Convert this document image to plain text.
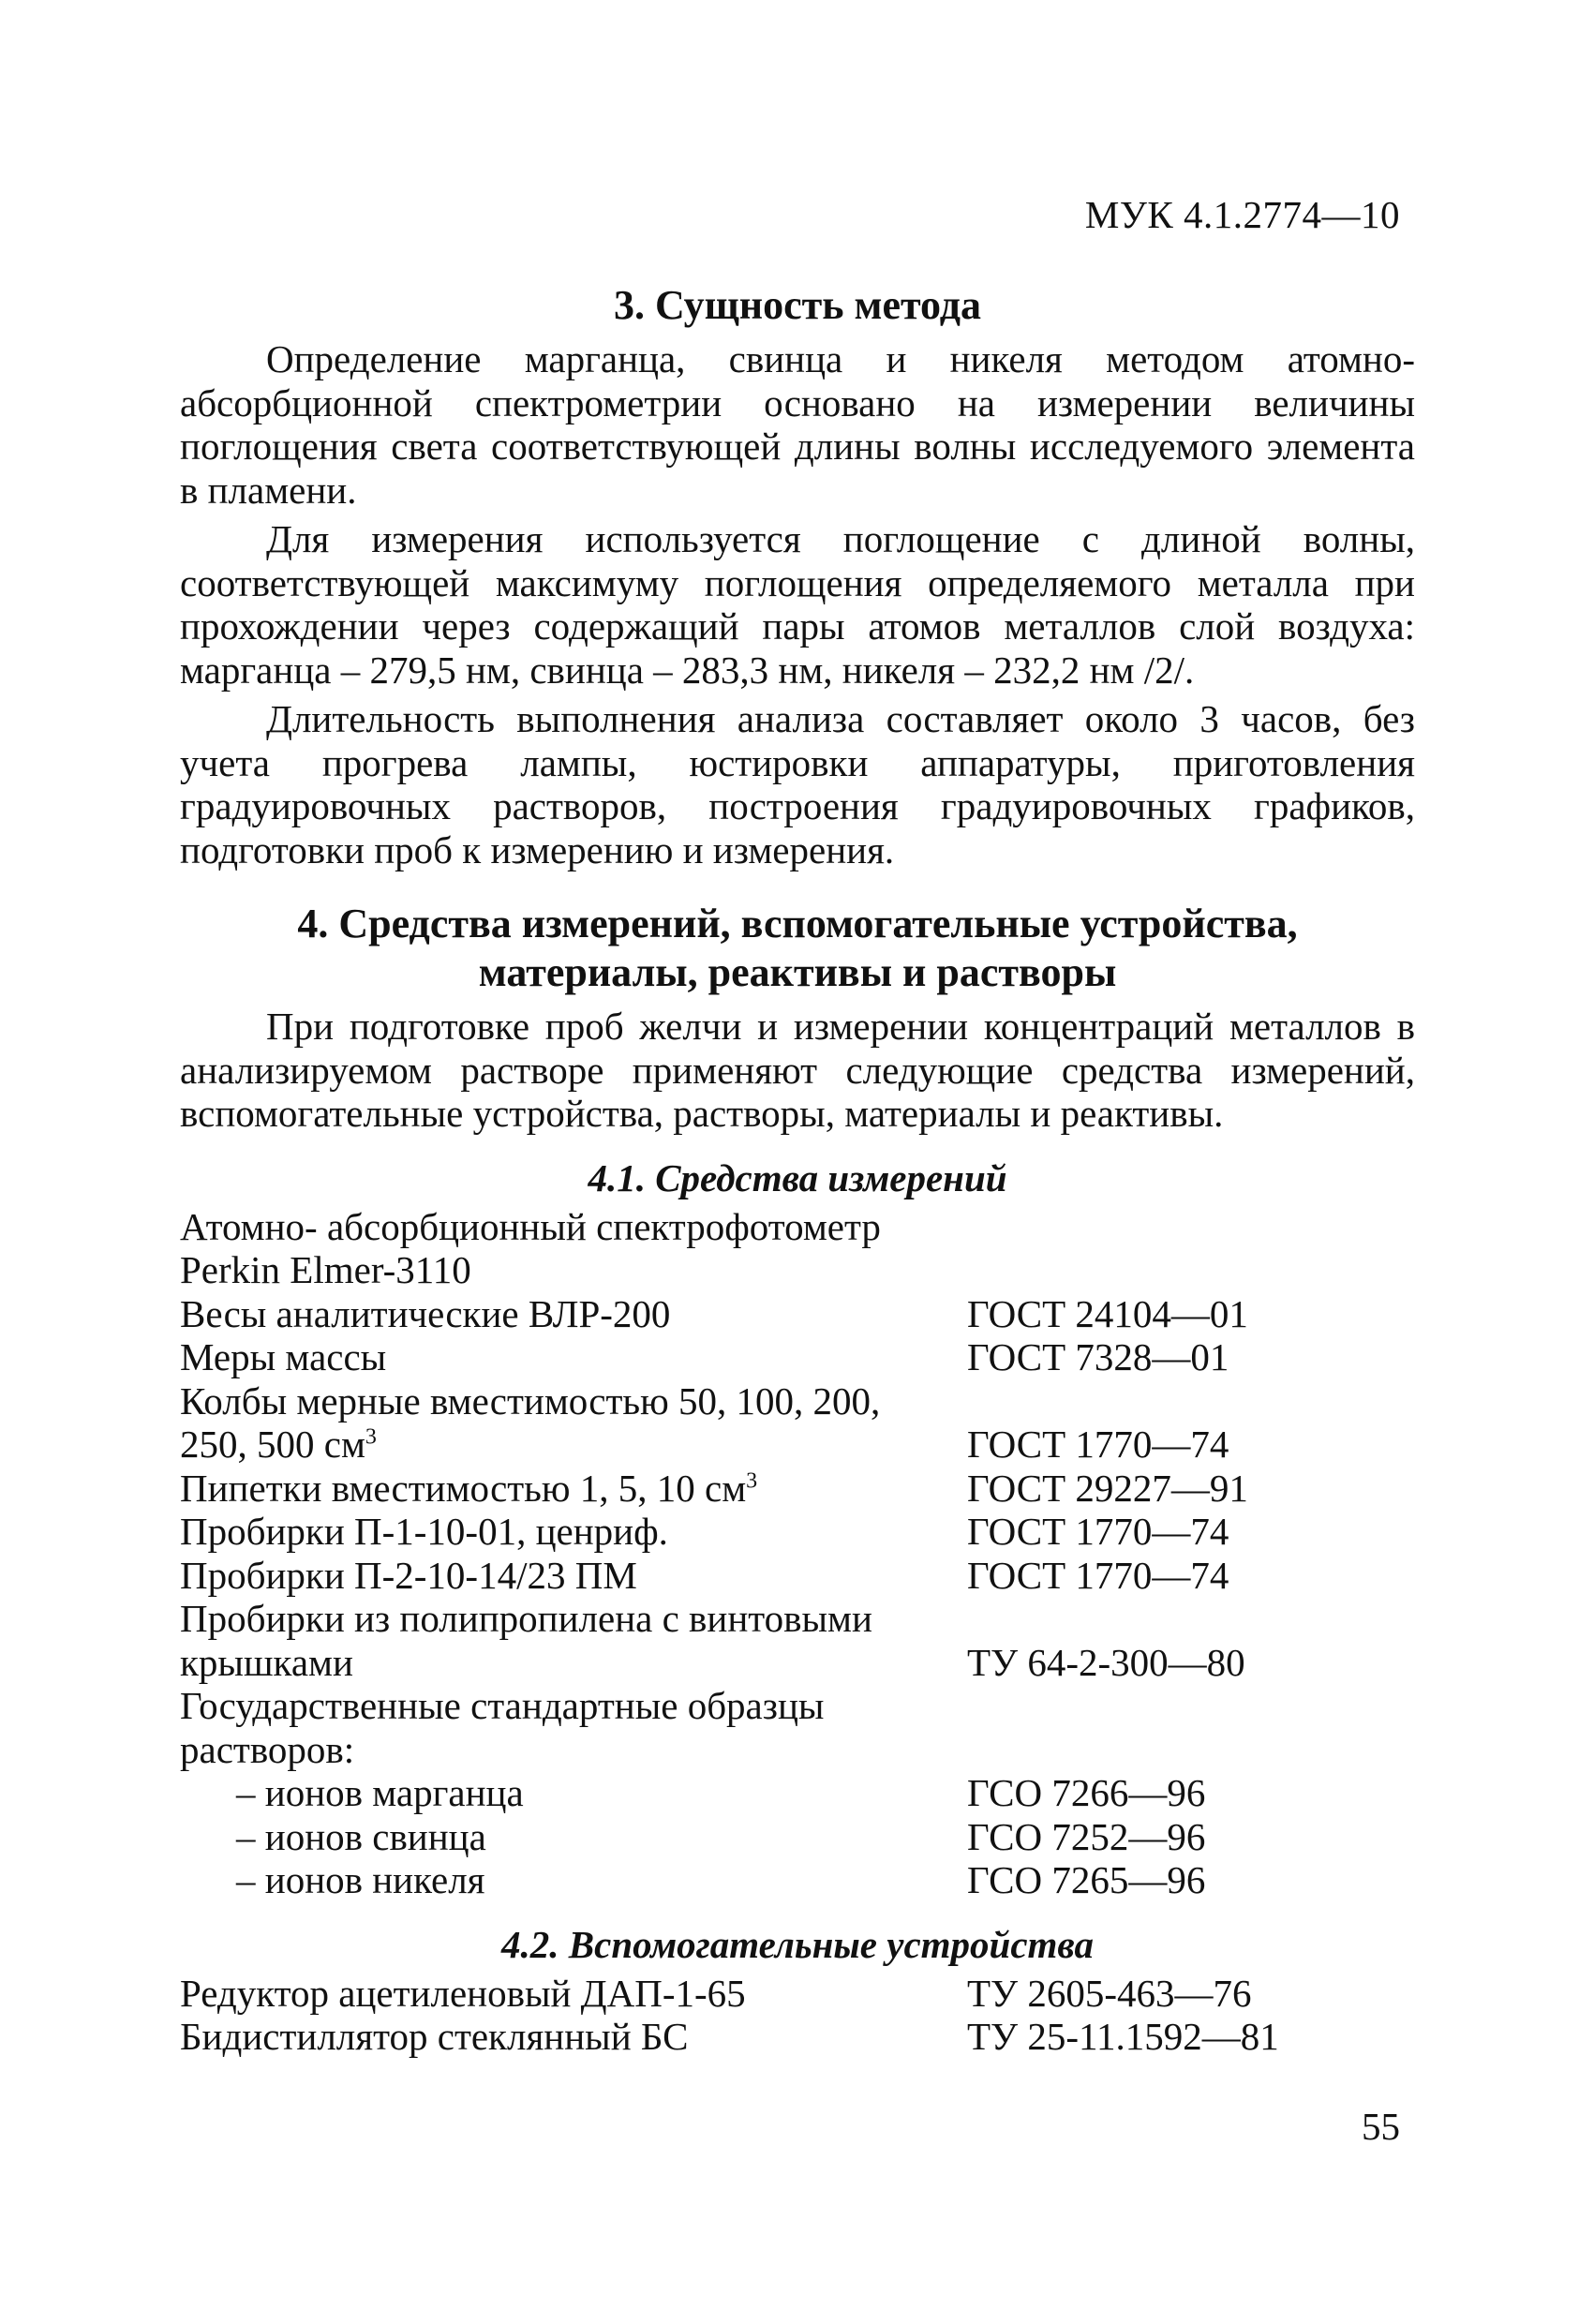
МУК 4.1.2774—10
3. Сущность метода

Определение марганца, свинца и никеля методом атомно-абсорбционной спектрометрии основано на измерении величины поглощения света соответствующей длины волны исследуемого элемента в пламени.

Для измерения используется поглощение с длиной волны, соответствующей максимуму поглощения определяемого металла при прохождении через содержащий пары атомов металлов слой воздуха: марганца – 279,5 нм, свинца – 283,3 нм, никеля – 232,2 нм /2/.

Длительность выполнения анализа составляет около 3 часов, без учета прогрева лампы, юстировки аппаратуры, приготовления градуировочных растворов, построения градуировочных графиков, подготовки проб к измерению и измерения.

4. Средства измерений, вспомогательные устройства,
материалы, реактивы и растворы

При подготовке проб желчи и измерении концентраций металлов в анализируемом растворе применяют следующие средства измерений, вспомогательные устройства, растворы, материалы и реактивы.

4.1. Средства измерений
Атомно- абсорбционный спектрофотометр
Perkin Elmer-3110
Весы аналитические ВЛР-200	ГОСТ 24104—01
Меры массы	ГОСТ 7328—01
Колбы мерные вместимостью 50, 100, 200,
250, 500 $см^3$	ГОСТ 1770—74
Пипетки вместимостью 1, 5, 10 $см^3$	ГОСТ 29227—91
Пробирки П-1-10-01, ценриф.	ГОСТ 1770—74
Пробирки П-2-10-14/23 ПМ	ГОСТ 1770—74
Пробирки из полипропилена с винтовыми
крышками	ТУ 64-2-300—80
Государственные стандартные образцы
растворов:
– ионов марганца	ГСО 7266—96
– ионов свинца	ГСО 7252—96
– ионов никеля	ГСО 7265—96
4.2. Вспомогательные устройства
Редуктор ацетиленовый ДАП-1-65	ТУ 2605-463—76
Бидистиллятор стеклянный БС	ТУ 25-11.1592—81
55
